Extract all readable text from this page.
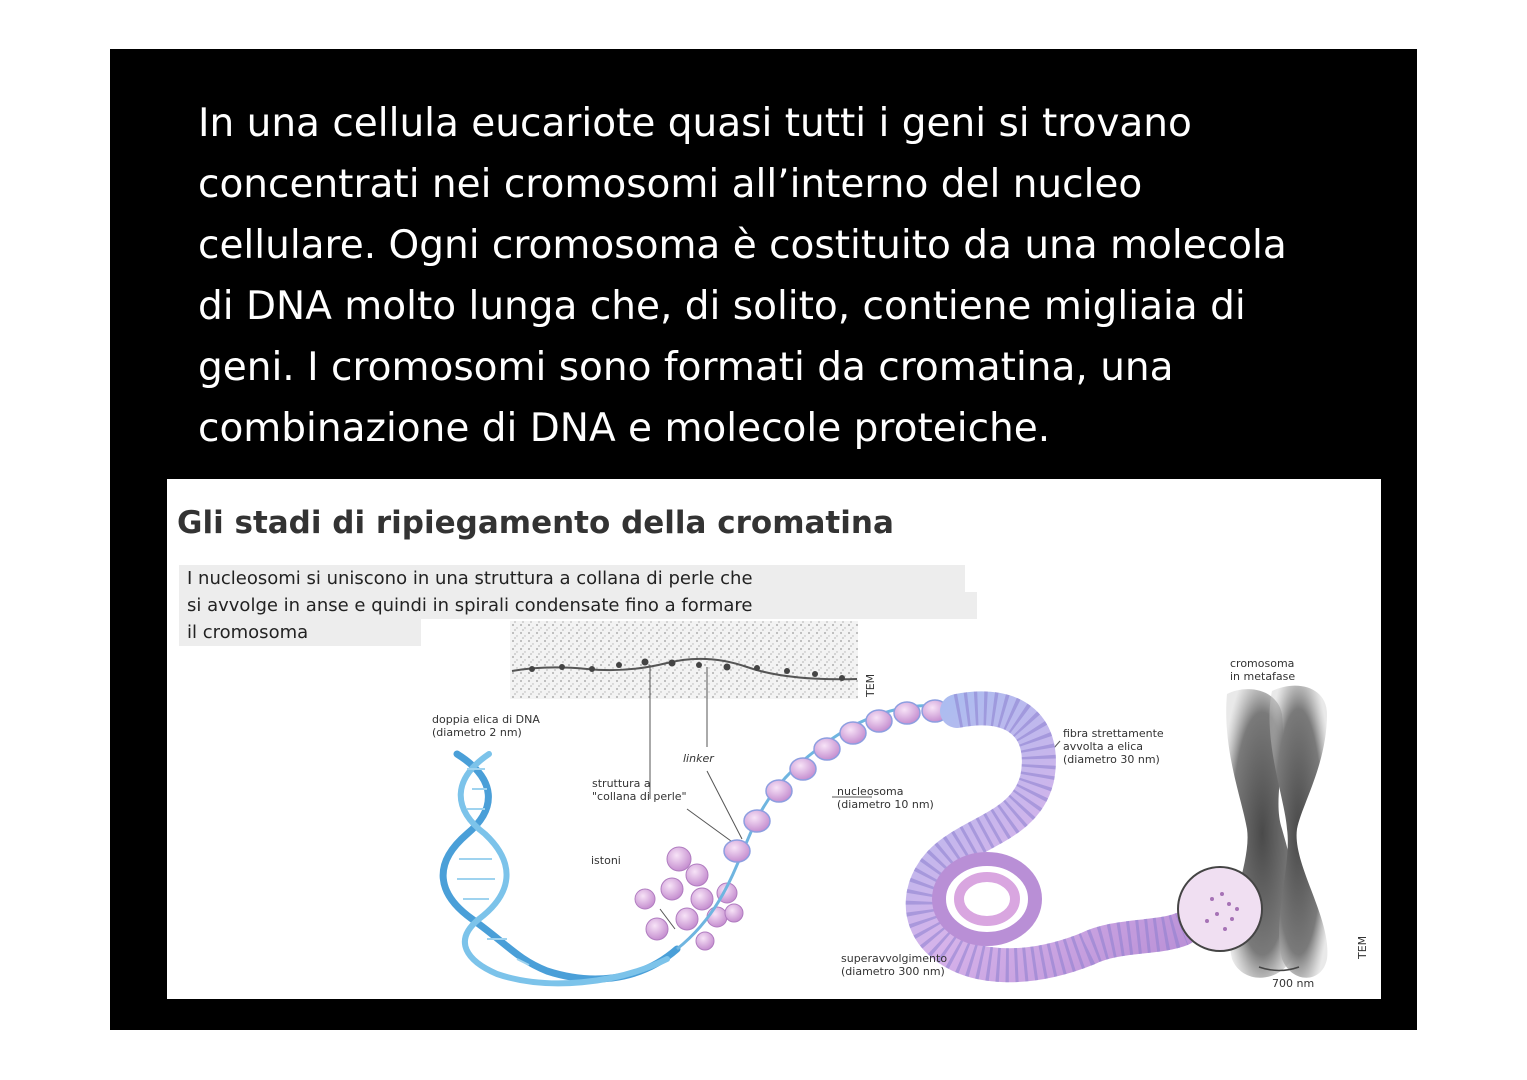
In una cellula eucariote quasi tutti i geni si trovano
concentrati nei cromosomi all’interno del nucleo
cellulare. Ogni cromosoma è costituito da una molecola
di DNA molto lunga che, di solito, contiene migliaia di
geni. I cromosomi sono formati da cromatina, una
combinazione di DNA e molecole proteiche.

TEM
TEM
doppia elica di DNA
(diametro 2 nm)
linker
struttura a
"collana di perle"
istoni
nucleosoma
(diametro 10 nm)
fibra strettamente
avvolta a elica
(diametro 30 nm)
superavvolgimento
(diametro 300 nm)
cromosoma
in metafase
700 nm
Gli stadi di ripiegamento della cromatina
I nucleosomi si uniscono in una struttura a collana di perle che
si avvolge in anse e quindi in spirali condensate fino a formare
il cromosoma
